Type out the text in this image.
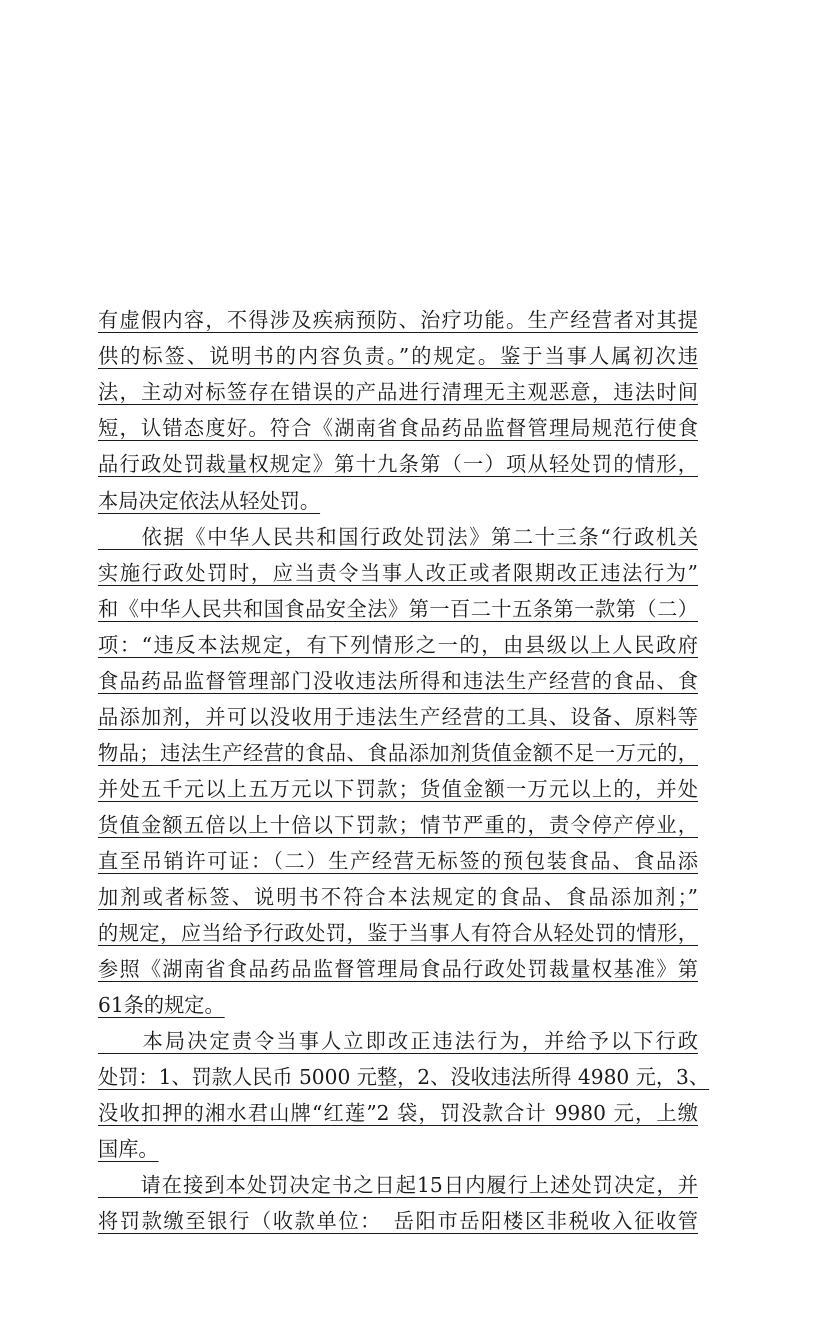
有虚假内容，不得涉及疾病预防、治疗功能。生产经营者对其提
供的标签、说明书的内容负责。”的规定。鉴于当事人属初次违
法，主动对标签存在错误的产品进行清理无主观恶意，违法时间
短，认错态度好。符合《湖南省食品药品监督管理局规范行使食
品行政处罚裁量权规定》第十九条第（一）项从轻处罚的情形，
本局决定依法从轻处罚。
　　依据《中华人民共和国行政处罚法》第二十三条“行政机关
实施行政处罚时，应当责令当事人改正或者限期改正违法行为”
和《中华人民共和国食品安全法》第一百二十五条第一款第（二）
项：“违反本法规定，有下列情形之一的，由县级以上人民政府
食品药品监督管理部门没收违法所得和违法生产经营的食品、食
品添加剂，并可以没收用于违法生产经营的工具、设备、原料等
物品；违法生产经营的食品、食品添加剂货值金额不足一万元的，
并处五千元以上五万元以下罚款；货值金额一万元以上的，并处
货值金额五倍以上十倍以下罚款；情节严重的，责令停产停业，
直至吊销许可证：（二）生产经营无标签的预包装食品、食品添
加剂或者标签、说明书不符合本法规定的食品、食品添加剂；”
的规定，应当给予行政处罚，鉴于当事人有符合从轻处罚的情形，
参照《湖南省食品药品监督管理局食品行政处罚裁量权基准》第
61条的规定。
　　本局决定责令当事人立即改正违法行为，并给予以下行政
处罚：1、罚款人民币 5000 元整，2、没收违法所得 4980 元，3、
没收扣押的湘水君山牌“红莲”2 袋，罚没款合计 9980 元，上缴
国库。
　　请在接到本处罚决定书之日起15日内履行上述处罚决定，并
将罚款缴至银行（收款单位：　岳阳市岳阳楼区非税收入征收管
